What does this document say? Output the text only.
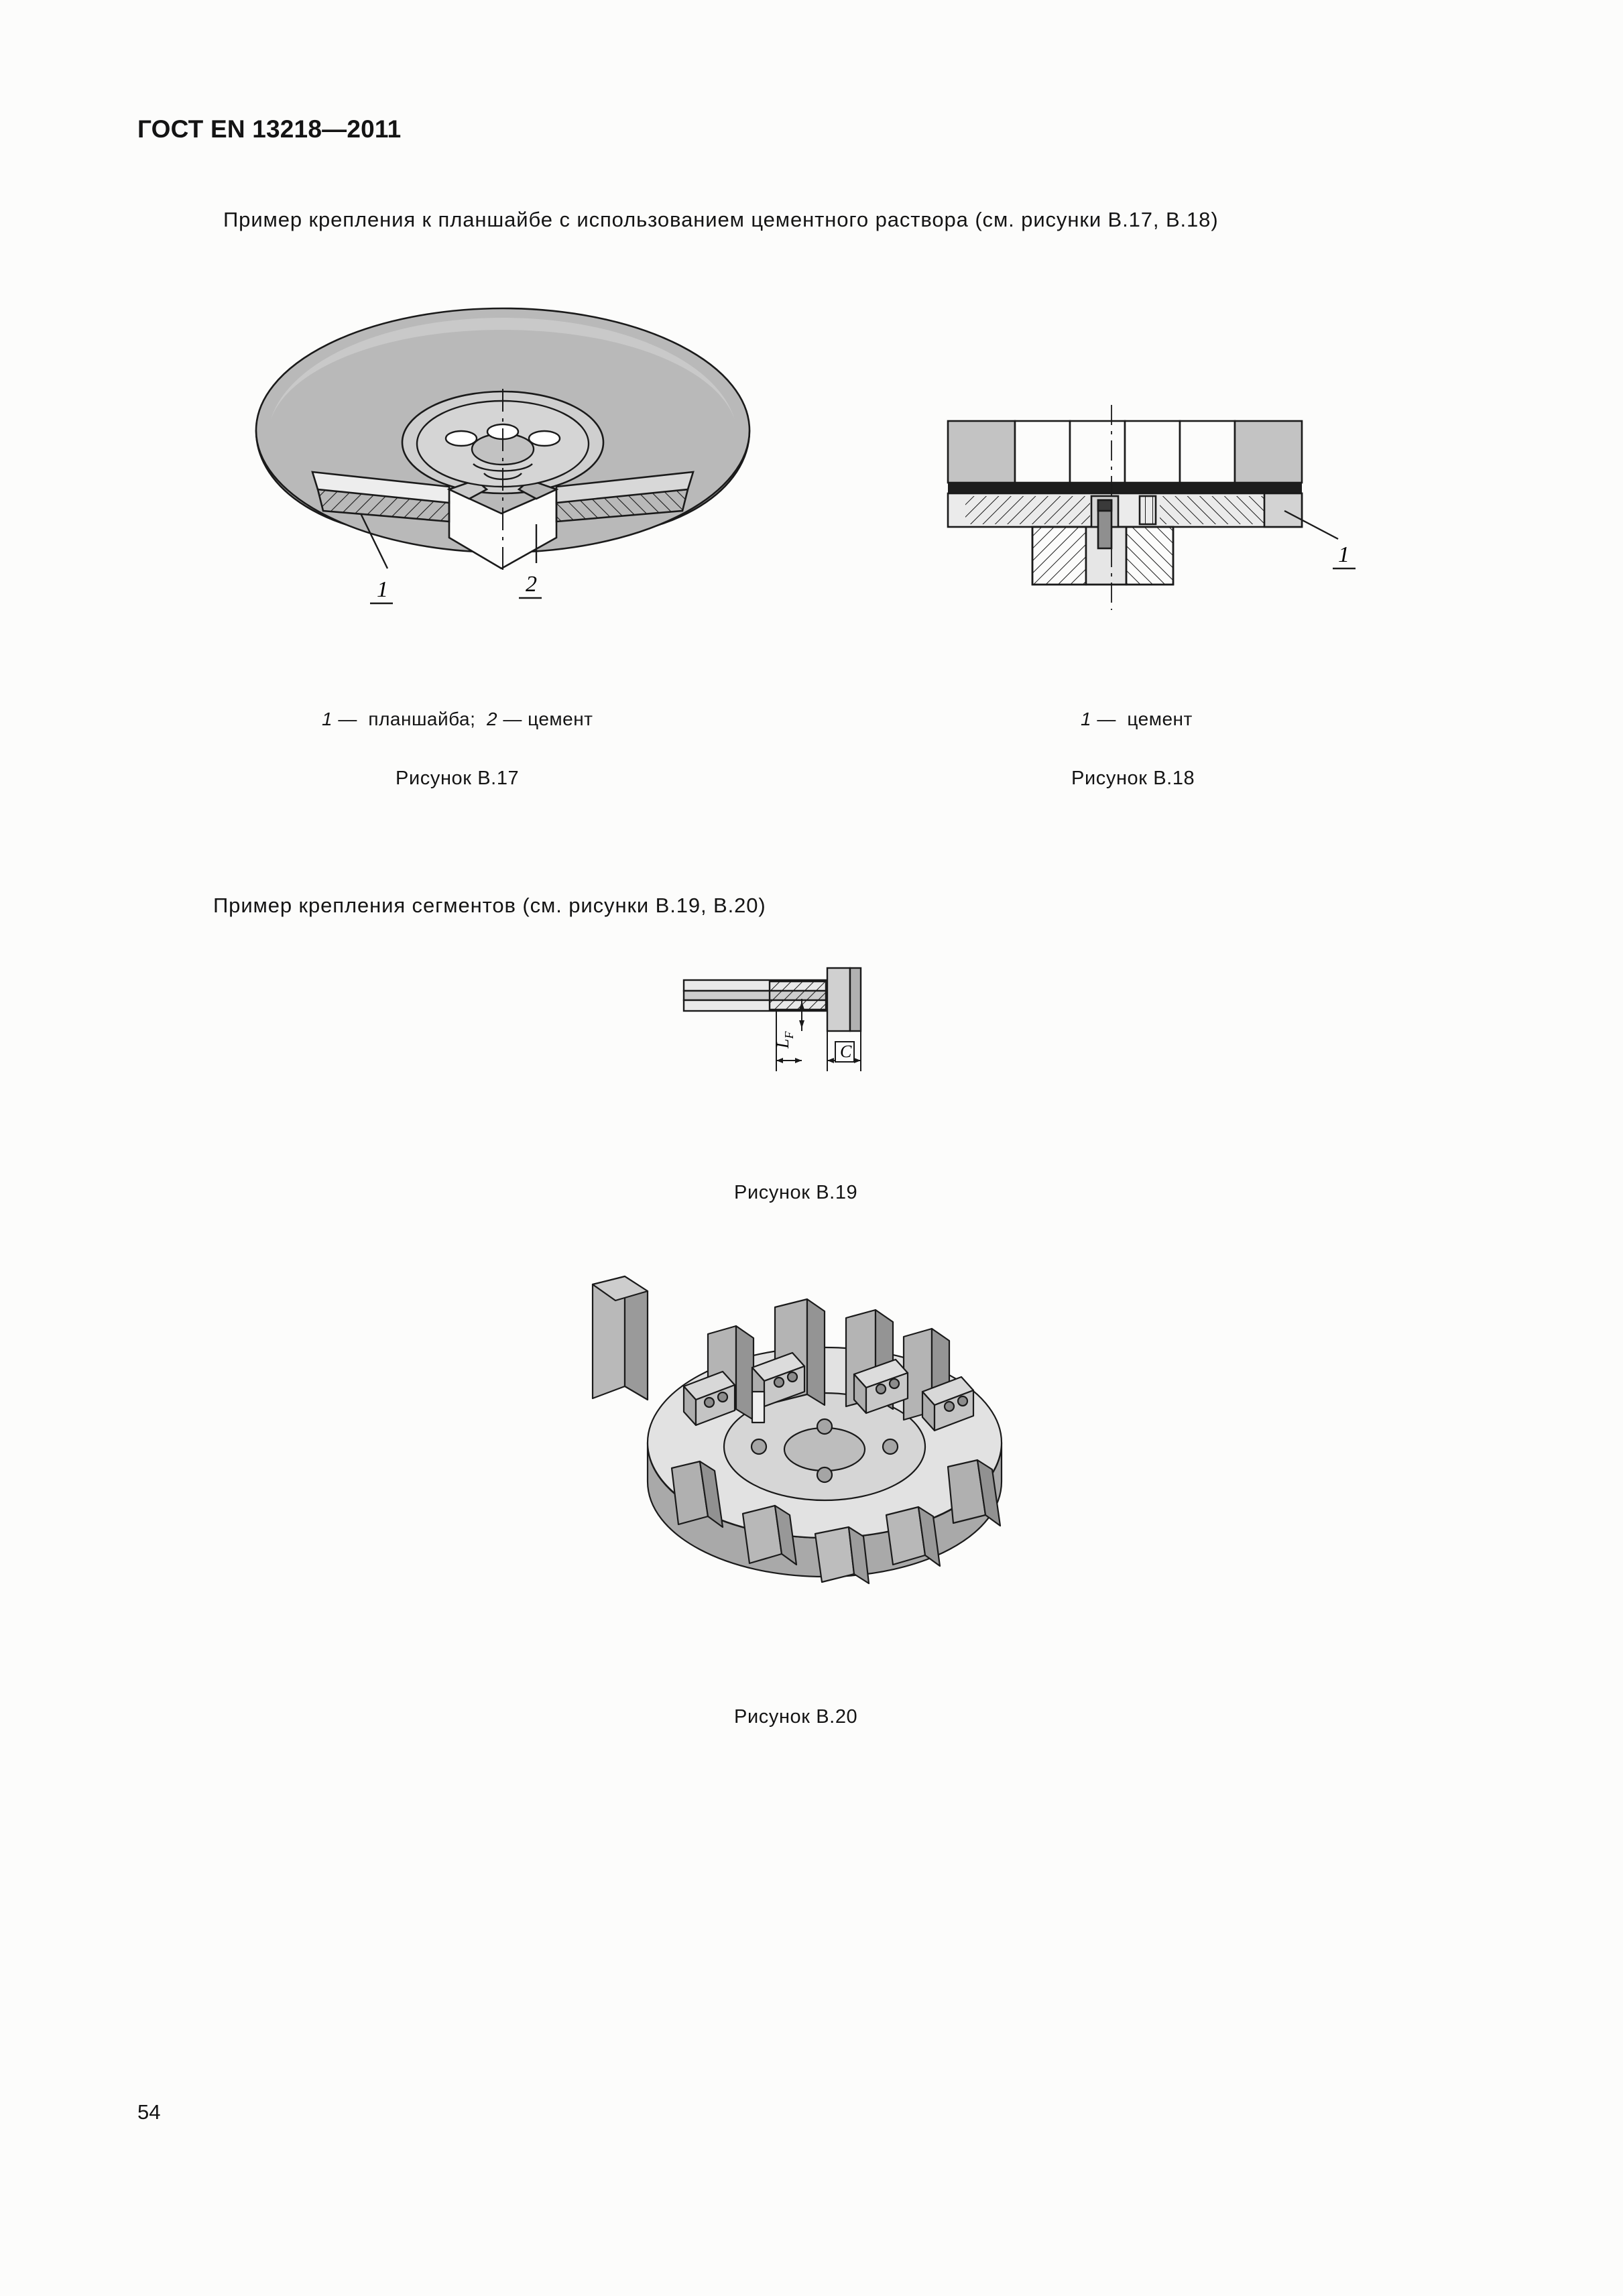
ГОСТ EN 13218—2011
Пример крепления к планшайбе с использованием цементного раствора (см. рисунки В.17, В.18)
1	2
1 — планшайба; 2 — цемент
Рисунок В.17
1
1 — цемент
Рисунок В.18
Пример крепления сегментов (см. рисунки В.19, В.20)
$L_F$
C
Рисунок В.19
Рисунок В.20
54
